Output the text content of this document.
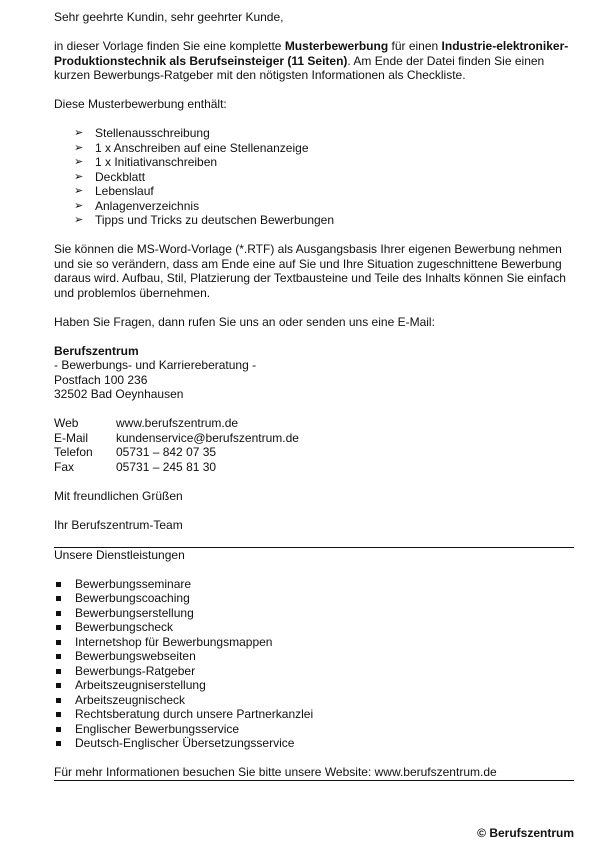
Sehr geehrte Kundin, sehr geehrter Kunde,

in dieser Vorlage finden Sie eine komplette Musterbewerbung für einen Industrie-elektroniker-Produktionstechnik als Berufseinsteiger (11 Seiten). Am Ende der Datei finden Sie einen kurzen Bewerbungs-Ratgeber mit den nötigsten Informationen als Checkliste.

Diese Musterbewerbung enthält:

➢ Stellenausschreibung
➢ 1 x Anschreiben auf eine Stellenanzeige
➢ 1 x Initiativanschreiben
➢ Deckblatt
➢ Lebenslauf
➢ Anlagenverzeichnis
➢ Tipps und Tricks zu deutschen Bewerbungen

Sie können die MS-Word-Vorlage (*.RTF) als Ausgangsbasis Ihrer eigenen Bewerbung nehmen und sie so verändern, dass am Ende eine auf Sie und Ihre Situation zugeschnittene Bewerbung daraus wird. Aufbau, Stil, Platzierung der Textbausteine und Teile des Inhalts können Sie einfach und problemlos übernehmen.

Haben Sie Fragen, dann rufen Sie uns an oder senden uns eine E-Mail:

Berufszentrum

- Bewerbungs- und Karriereberatung -

Postfach 100 236

32502 Bad Oeynhausen

Web	www.berufszentrum.de
E-Mail	kundenservice@berufszentrum.de
Telefon	05731 – 842 07 35
Fax	05731 – 245 81 30

Mit freundlichen Grüßen

Ihr Berufszentrum-Team

Unsere Dienstleistungen

Bewerbungsseminare
Bewerbungscoaching
Bewerbungserstellung
Bewerbungscheck
Internetshop für Bewerbungsmappen
Bewerbungswebseiten
Bewerbungs-Ratgeber
Arbeitszeugniserstellung
Arbeitszeugnischeck
Rechtsberatung durch unsere Partnerkanzlei
Englischer Bewerbungsservice
Deutsch-Englischer Übersetzungsservice

Für mehr Informationen besuchen Sie bitte unsere Website: www.berufszentrum.de

© Berufszentrum
